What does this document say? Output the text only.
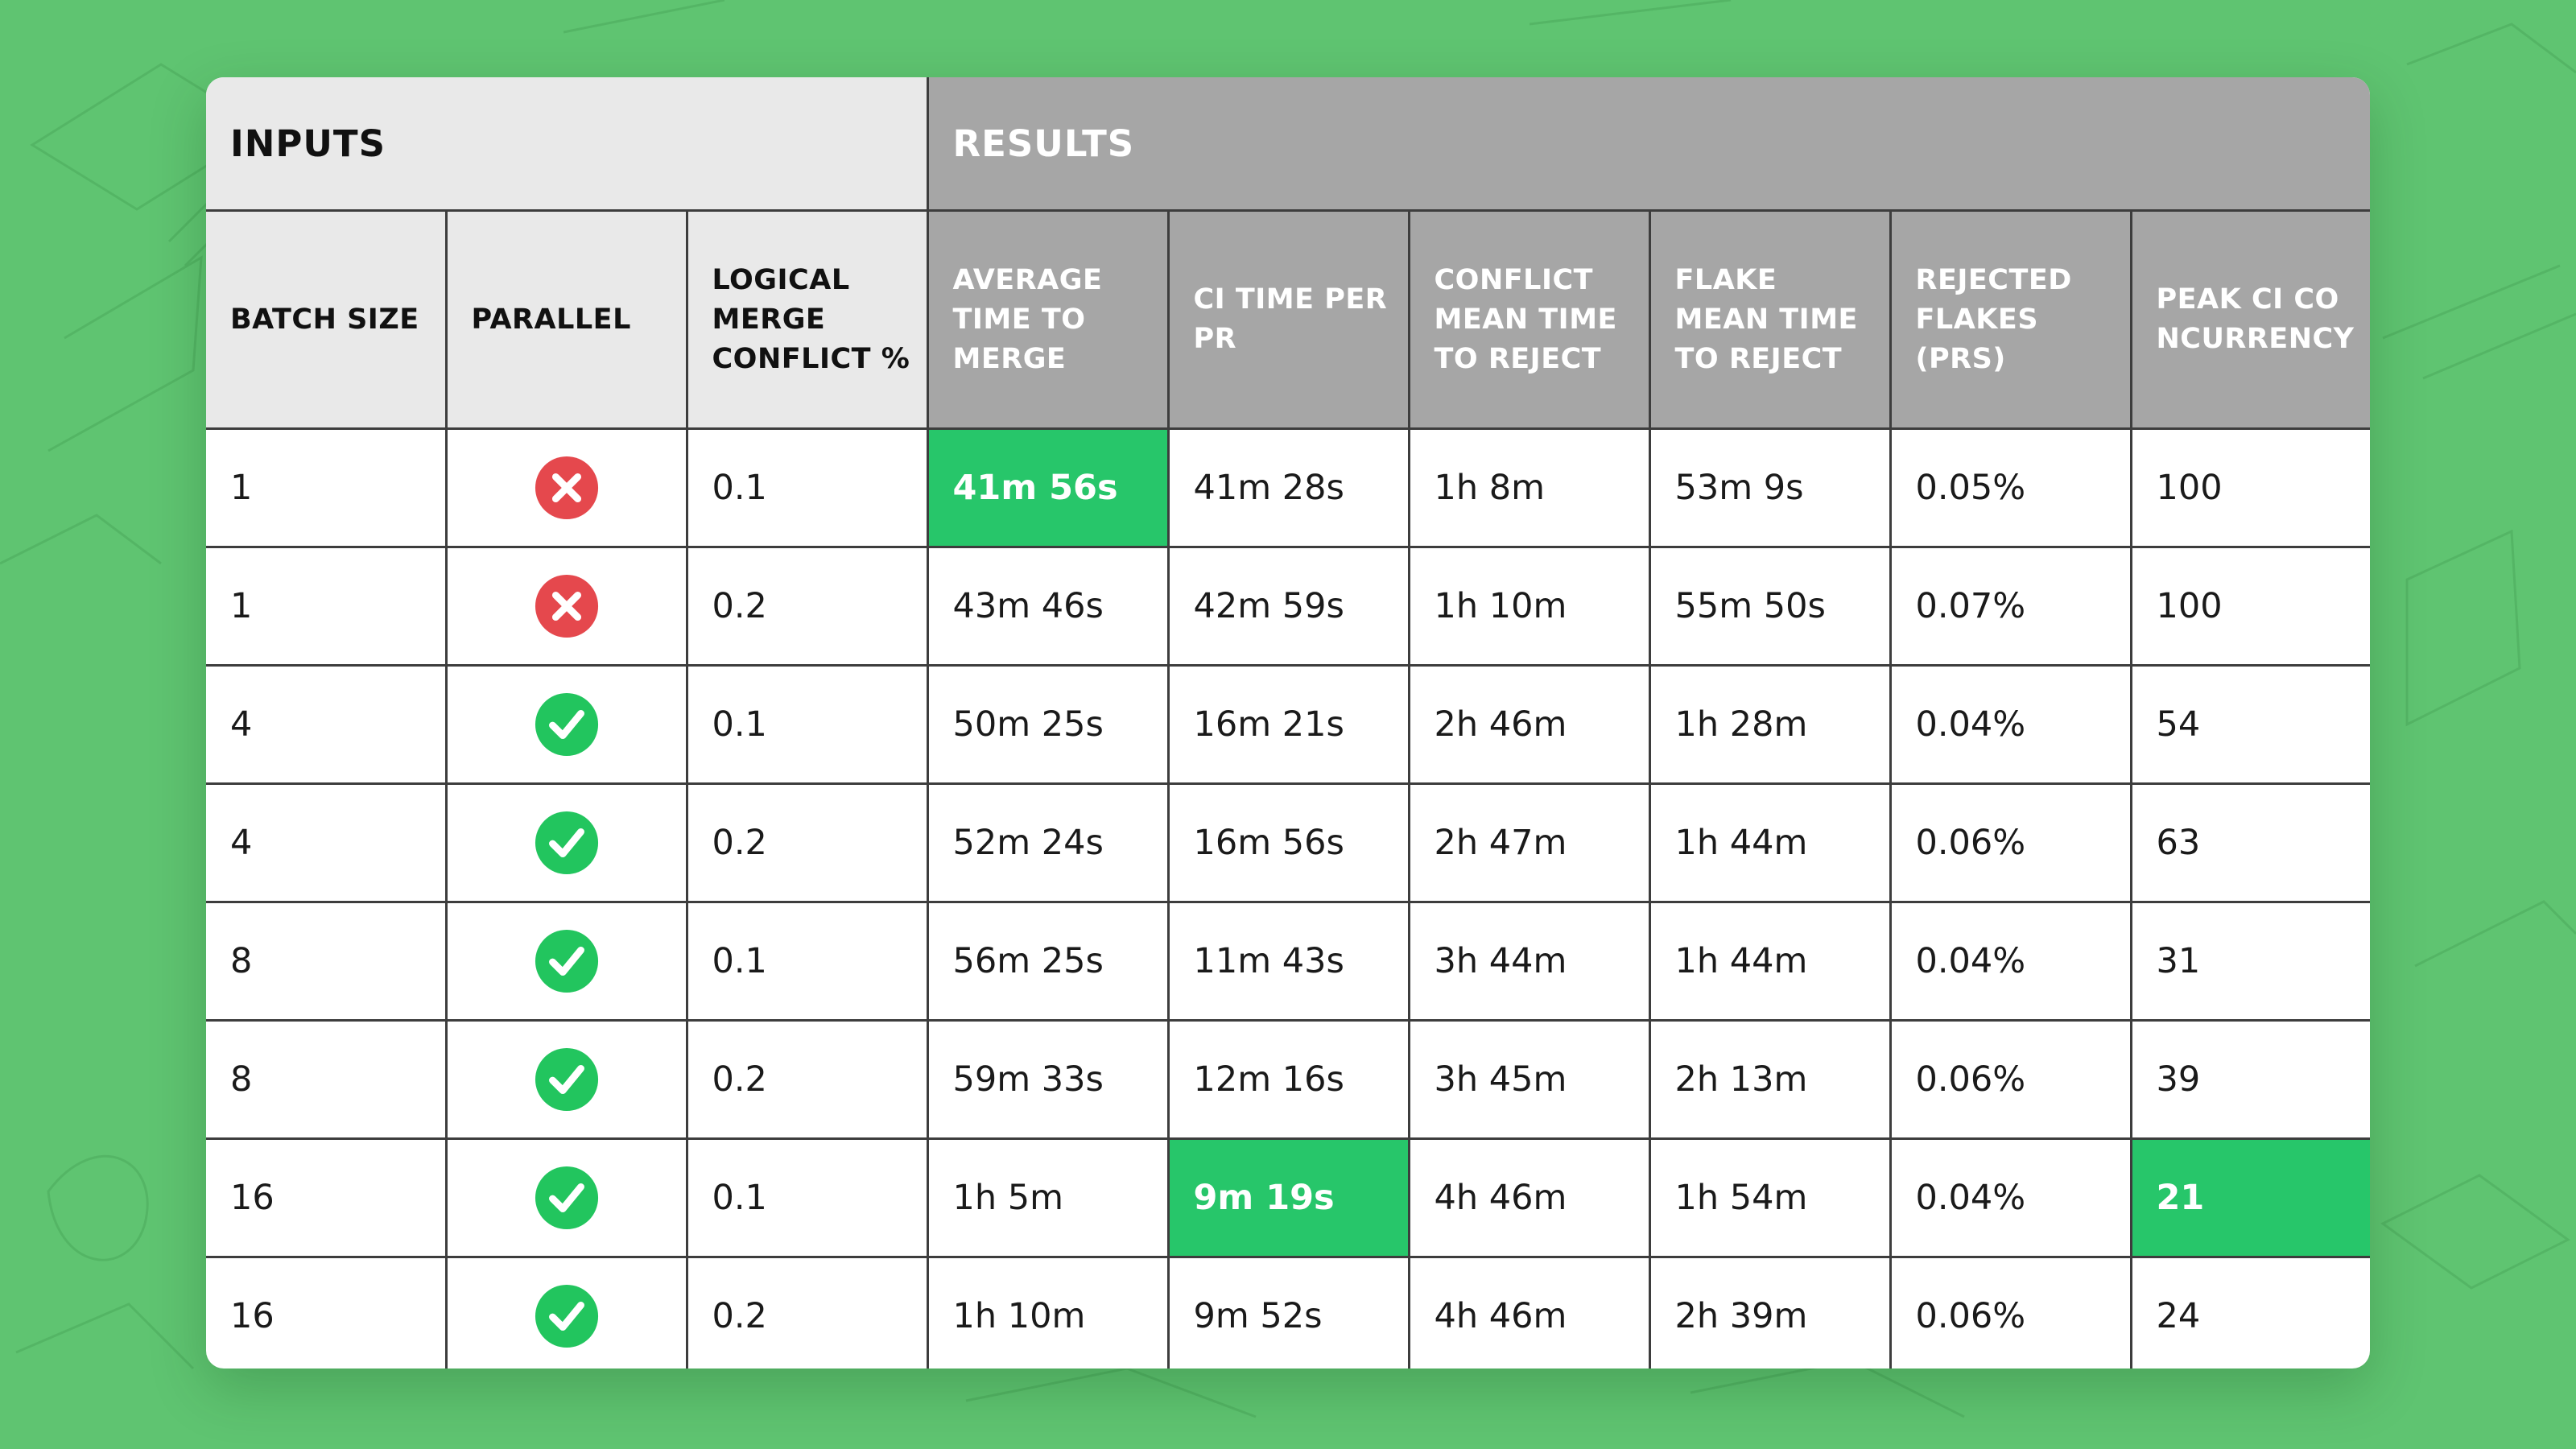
INPUTS			RESULTS					
BATCH SIZE	PARALLEL	LOGICAL MERGE CONFLICT %	AVERAGE TIME TO MERGE	CI TIME PER PR	CONFLICT MEAN TIME TO REJECT	FLAKE MEAN TIME TO REJECT	REJECTED FLAKES (PRS)	PEAK CI CONCURRENCY
1		0.1	41m 56s	41m 28s	1h 8m	53m 9s	0.05%	100
1		0.2	43m 46s	42m 59s	1h 10m	55m 50s	0.07%	100
4		0.1	50m 25s	16m 21s	2h 46m	1h 28m	0.04%	54
4		0.2	52m 24s	16m 56s	2h 47m	1h 44m	0.06%	63
8		0.1	56m 25s	11m 43s	3h 44m	1h 44m	0.04%	31
8		0.2	59m 33s	12m 16s	3h 45m	2h 13m	0.06%	39
16		0.1	1h 5m	9m 19s	4h 46m	1h 54m	0.04%	21
16		0.2	1h 10m	9m 52s	4h 46m	2h 39m	0.06%	24
